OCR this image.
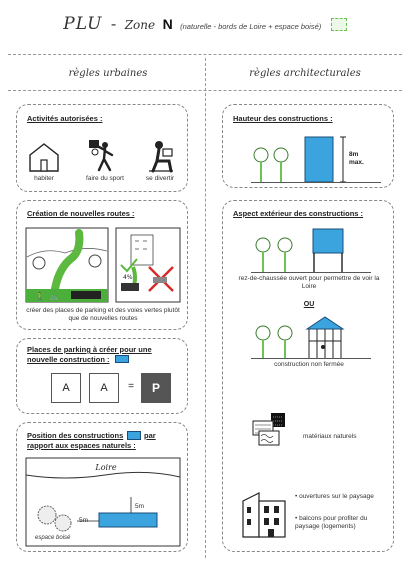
PLU - Zone N (naturelle - bords de Loire + espace boisé)
règles urbaines	règles architecturales
Activités autorisées :
habiter	faire du sport	se divertir
Création de nouvelles routes :
🚶 🚲
4%
créer des places de parking et des voies vertes plutôt que de nouvelles routes
Places de parking à créer pour une
nouvelle construction :
A	A	=	P
Position des constructions	par
rapport aux espaces naturels :
Loire
5m
5m
espace boisé
Hauteur des constructions :
8m
max.
Aspect extérieur des constructions :
rez-de-chaussée ouvert pour permettre de voir la Loire
OU
construction non fermée
matériaux naturels
• ouvertures sur le paysage
• balcons pour profiter du paysage (logements)
